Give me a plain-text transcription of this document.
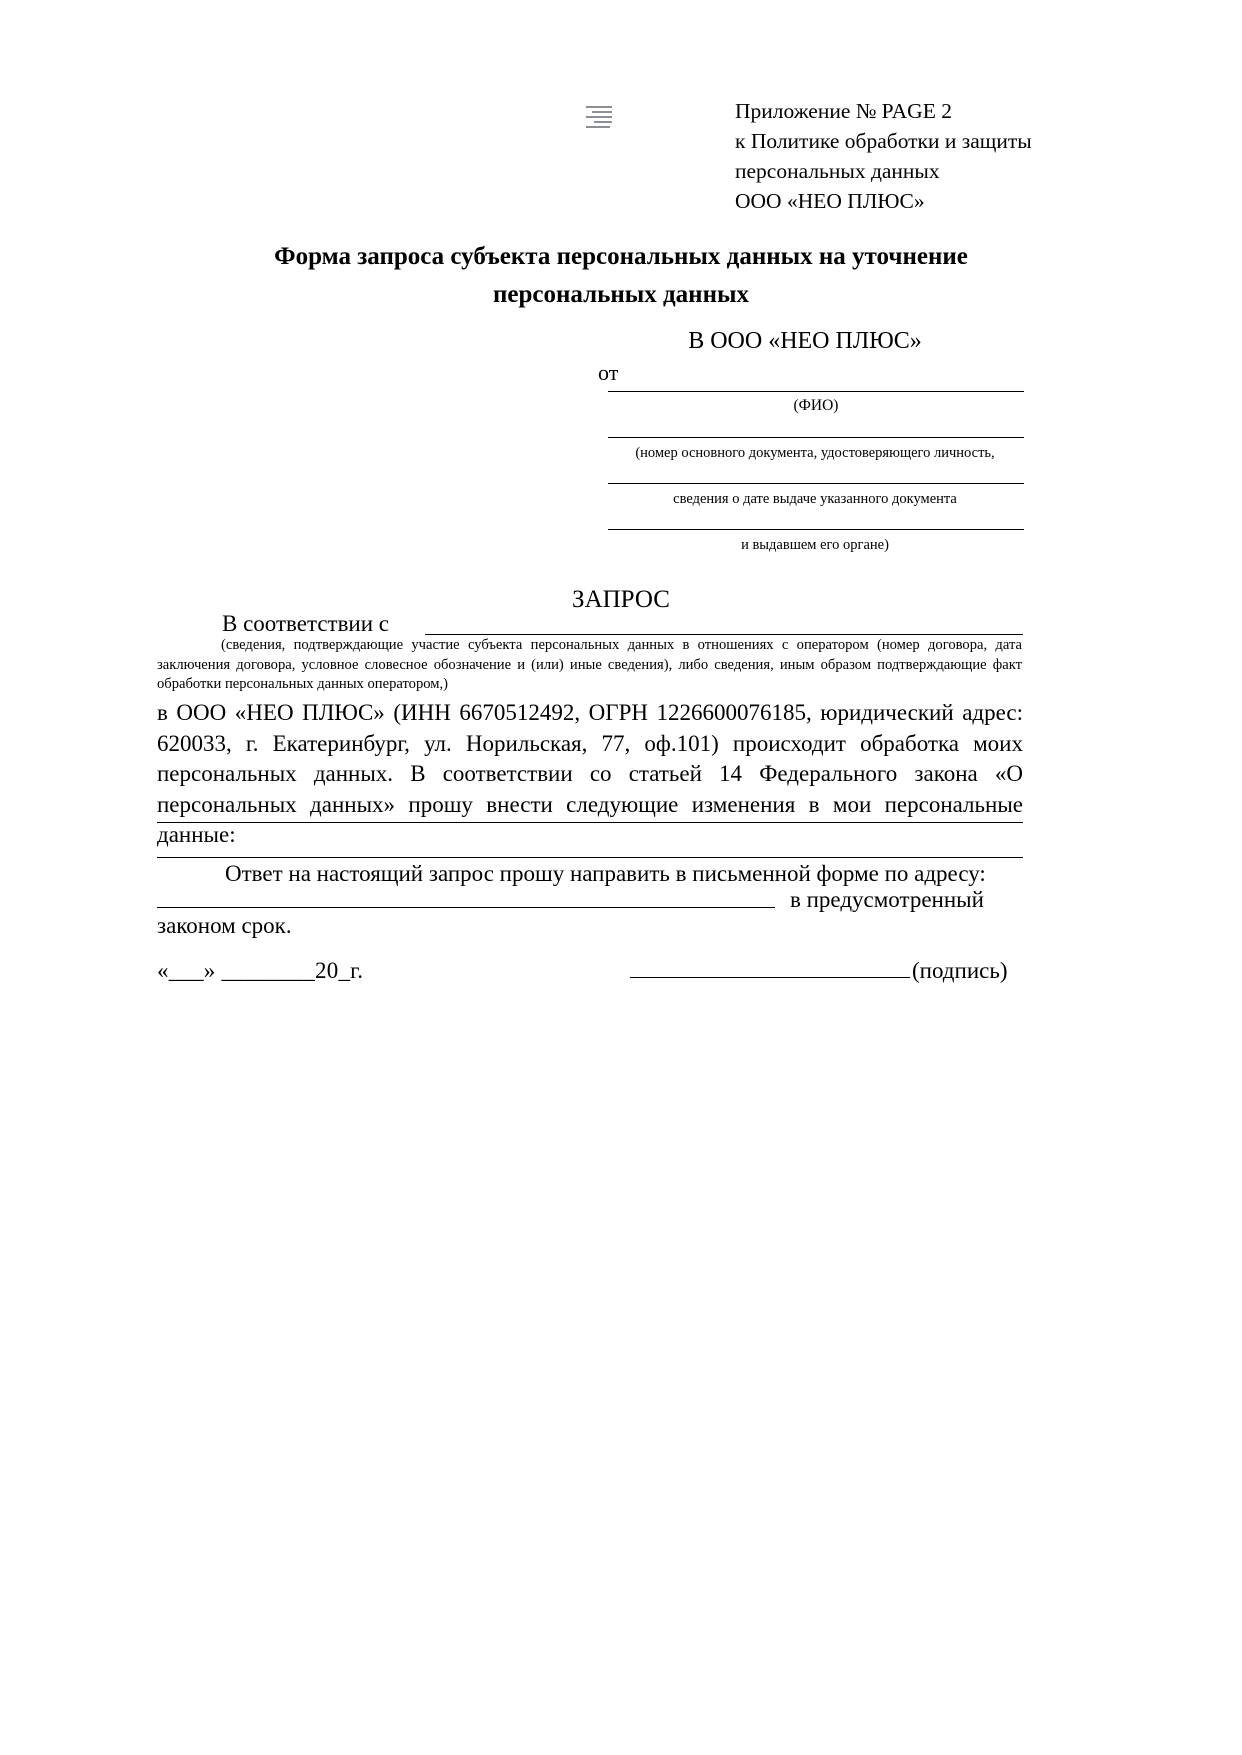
Приложение № PAGE 2
к Политике обработки и защиты
персональных данных
ООО «НЕО ПЛЮС»
Форма запроса субъекта персональных данных на уточнение
персональных данных
В ООО «НЕО ПЛЮС»
от
(ФИО)
(номер основного документа, удостоверяющего личность,
сведения о дате выдаче указанного документа
и выдавшем его органе)
ЗАПРОС
В соответствии с
(сведения, подтверждающие участие субъекта персональных данных в отношениях с оператором (номер договора, дата заключения договора, условное словесное обозначение и (или) иные сведения), либо сведения, иным образом подтверждающие факт обработки персональных данных оператором,)
в ООО «НЕО ПЛЮС» (ИНН 6670512492, ОГРН 1226600076185, юридический адрес: 620033, г. Екатеринбург, ул. Норильская, 77, оф.101) происходит обработка моих персональных данных. В соответствии со статьей 14 Федерального закона «О персональных данных» прошу внести следующие изменения в мои персональные данные:
Ответ на настоящий запрос прошу направить в письменной форме по адресу:
в предусмотренный
законом срок.
«___» ________20_г.	(подпись)
